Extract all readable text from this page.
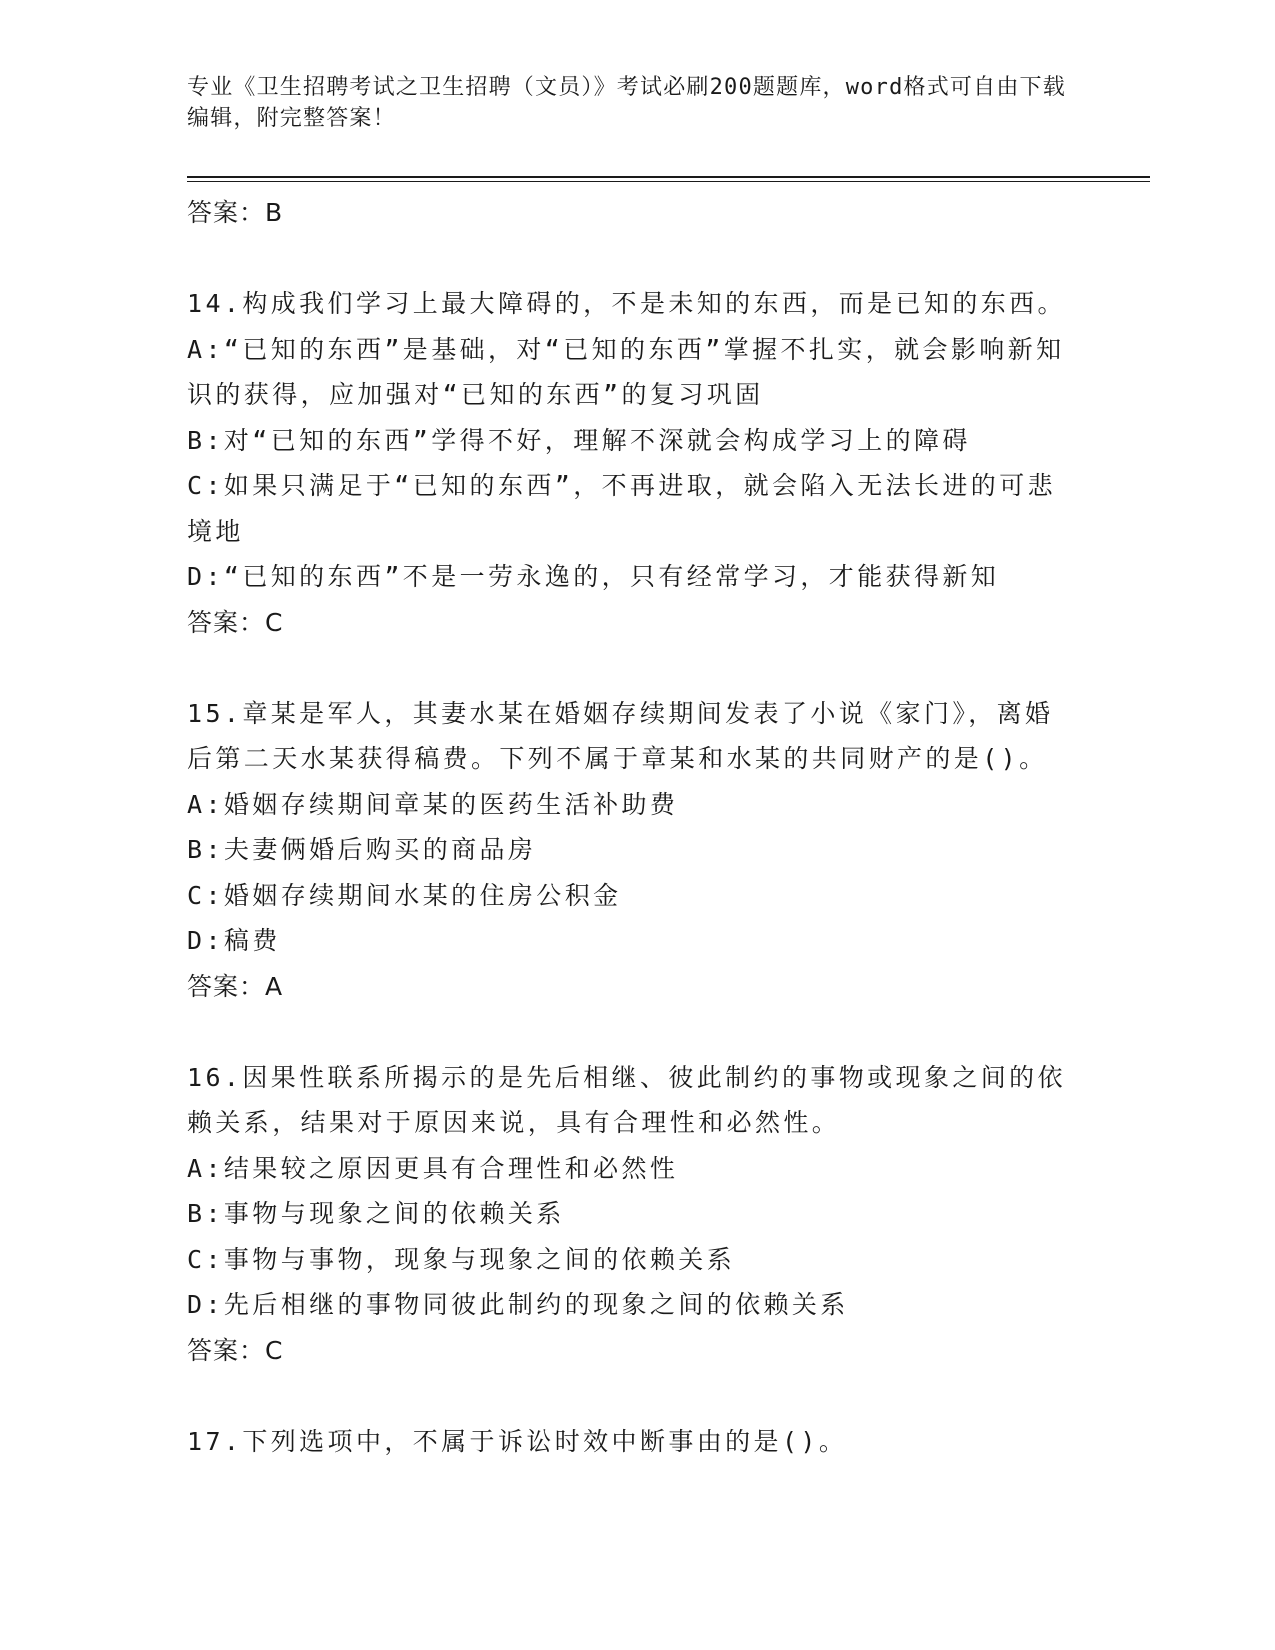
专业《卫生招聘考试之卫生招聘（文员）》考试必刷200题题库，word格式可自由下载编辑，附完整答案！
答案：B
14.构成我们学习上最大障碍的，不是未知的东西，而是已知的东西。
A:“已知的东西”是基础，对“已知的东西”掌握不扎实，就会影响新知识的获得，应加强对“已知的东西”的复习巩固
B:对“已知的东西”学得不好，理解不深就会构成学习上的障碍
C:如果只满足于“已知的东西”，不再进取，就会陷入无法长进的可悲境地
D:“已知的东西”不是一劳永逸的，只有经常学习，才能获得新知
答案：C
15.章某是军人，其妻水某在婚姻存续期间发表了小说《家门》，离婚后第二天水某获得稿费。下列不属于章某和水某的共同财产的是()。
A:婚姻存续期间章某的医药生活补助费
B:夫妻俩婚后购买的商品房
C:婚姻存续期间水某的住房公积金
D:稿费
答案：A
16.因果性联系所揭示的是先后相继、彼此制约的事物或现象之间的依赖关系，结果对于原因来说，具有合理性和必然性。
A:结果较之原因更具有合理性和必然性
B:事物与现象之间的依赖关系
C:事物与事物，现象与现象之间的依赖关系
D:先后相继的事物同彼此制约的现象之间的依赖关系
答案：C
17.下列选项中，不属于诉讼时效中断事由的是()。
